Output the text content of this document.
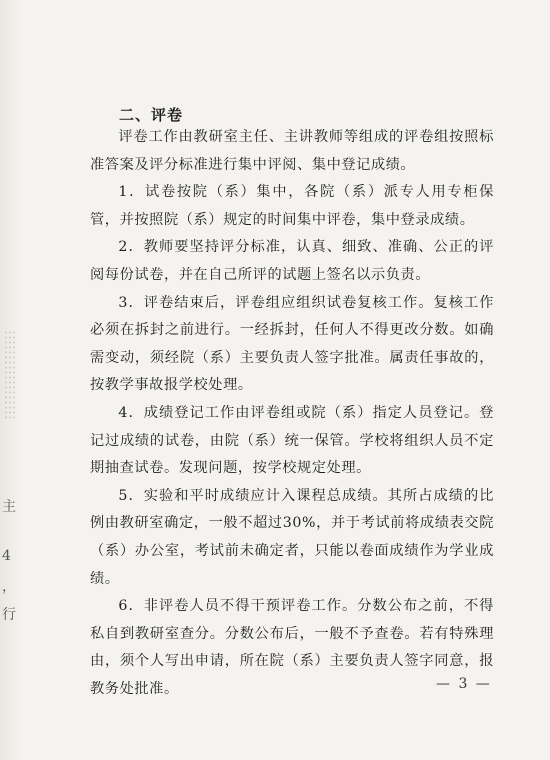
主
4
，
行
二、评卷

评卷工作由教研室主任、主讲教师等组成的评卷组按照标准答案及评分标准进行集中评阅、集中登记成绩。

1．试卷按院（系）集中，各院（系）派专人用专柜保管，并按照院（系）规定的时间集中评卷，集中登录成绩。

2．教师要坚持评分标准，认真、细致、准确、公正的评阅每份试卷，并在自己所评的试题上签名以示负责。

3．评卷结束后，评卷组应组织试卷复核工作。复核工作必须在拆封之前进行。一经拆封，任何人不得更改分数。如确需变动，须经院（系）主要负责人签字批准。属责任事故的，按教学事故报学校处理。

4．成绩登记工作由评卷组或院（系）指定人员登记。登记过成绩的试卷，由院（系）统一保管。学校将组织人员不定期抽查试卷。发现问题，按学校规定处理。

5．实验和平时成绩应计入课程总成绩。其所占成绩的比例由教研室确定，一般不超过30%，并于考试前将成绩表交院（系）办公室，考试前未确定者，只能以卷面成绩作为学业成绩。

6．非评卷人员不得干预评卷工作。分数公布之前，不得私自到教研室查分。分数公布后，一般不予查卷。若有特殊理由，须个人写出申请，所在院（系）主要负责人签字同意，报教务处批准。	— 3 —
